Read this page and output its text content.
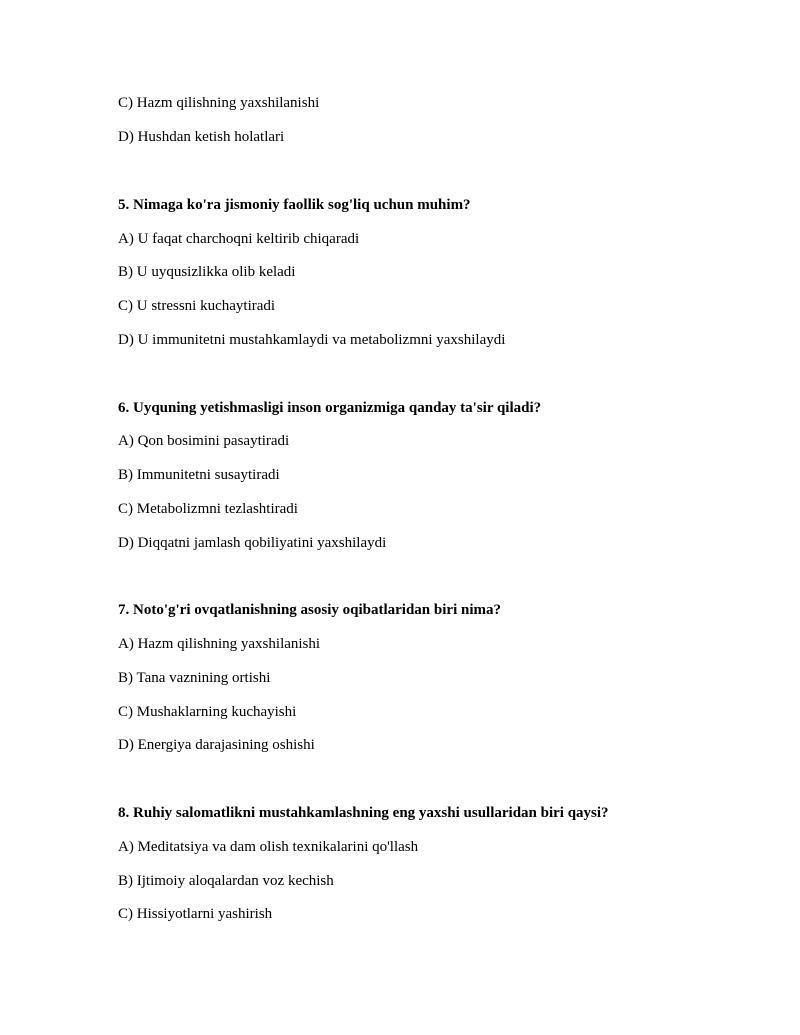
C) Hazm qilishning yaxshilanishi
D) Hushdan ketish holatlari
5. Nimaga ko'ra jismoniy faollik sog'liq uchun muhim?
A) U faqat charchoqni keltirib chiqaradi
B) U uyqusizlikka olib keladi
C) U stressni kuchaytiradi
D) U immunitetni mustahkamlaydi va metabolizmni yaxshilaydi
6. Uyquning yetishmasligi inson organizmiga qanday ta'sir qiladi?
A) Qon bosimini pasaytiradi
B) Immunitetni susaytiradi
C) Metabolizmni tezlashtiradi
D) Diqqatni jamlash qobiliyatini yaxshilaydi
7. Noto'g'ri ovqatlanishning asosiy oqibatlaridan biri nima?
A) Hazm qilishning yaxshilanishi
B) Tana vaznining ortishi
C) Mushaklarning kuchayishi
D) Energiya darajasining oshishi
8. Ruhiy salomatlikni mustahkamlashning eng yaxshi usullaridan biri qaysi?
A) Meditatsiya va dam olish texnikalarini qo'llash
B) Ijtimoiy aloqalardan voz kechish
C) Hissiyotlarni yashirish
